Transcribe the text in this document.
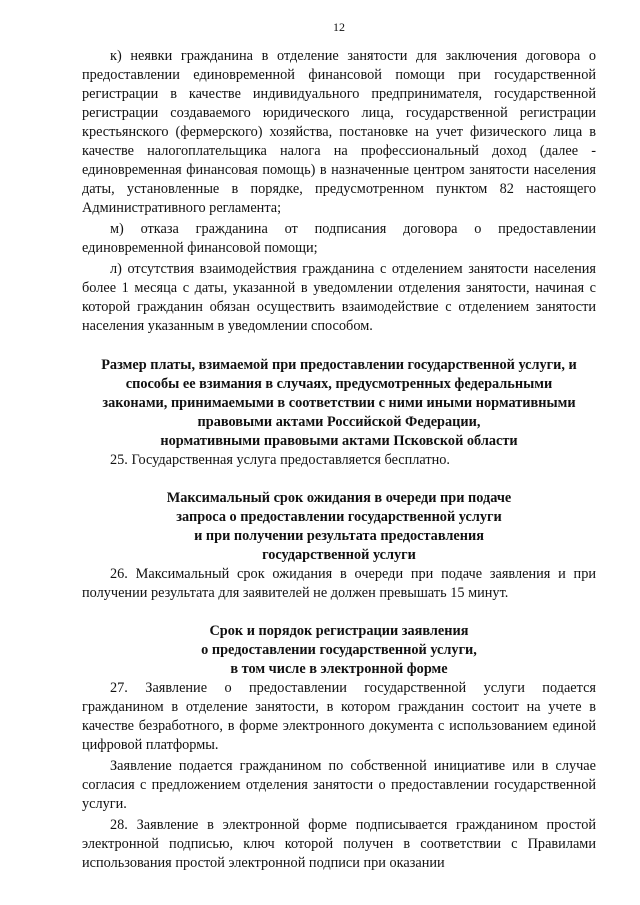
12

к) неявки гражданина в отделение занятости для заключения договора о предоставлении единовременной финансовой помощи при государственной регистрации в качестве индивидуального предпринимателя, государственной регистрации создаваемого юридического лица, государственной регистрации крестьянского (фермерского) хозяйства, постановке на учет физического лица в качестве налогоплательщика налога на профессиональный доход (далее - единовременная финансовая помощь) в назначенные центром занятости населения даты, установленные в порядке, предусмотренном пунктом 82 настоящего Административного регламента;

м) отказа гражданина от подписания договора о предоставлении единовременной финансовой помощи;

л) отсутствия взаимодействия гражданина с отделением занятости населения более 1 месяца с даты, указанной в уведомлении отделения занятости, начиная с которой гражданин обязан осуществить взаимодействие с отделением занятости населения указанным в уведомлении способом.

Размер платы, взимаемой при предоставлении государственной услуги, и
способы ее взимания в случаях, предусмотренных федеральными
законами, принимаемыми в соответствии с ними иными нормативными
правовыми актами Российской Федерации,
нормативными правовыми актами Псковской области

25. Государственная услуга предоставляется бесплатно.

Максимальный срок ожидания в очереди при подаче
запроса о предоставлении государственной услуги
и при получении результата предоставления
государственной услуги

26. Максимальный срок ожидания в очереди при подаче заявления и при получении результата для заявителей не должен превышать 15 минут.

Срок и порядок регистрации заявления
о предоставлении государственной услуги,
в том числе в электронной форме

27. Заявление о предоставлении государственной услуги подается гражданином в отделение занятости, в котором гражданин состоит на учете в качестве безработного, в форме электронного документа с использованием единой цифровой платформы.

Заявление подается гражданином по собственной инициативе или в случае согласия с предложением отделения занятости о предоставлении государственной услуги.

28. Заявление в электронной форме подписывается гражданином простой электронной подписью, ключ которой получен в соответствии с Правилами использования простой электронной подписи при оказании
